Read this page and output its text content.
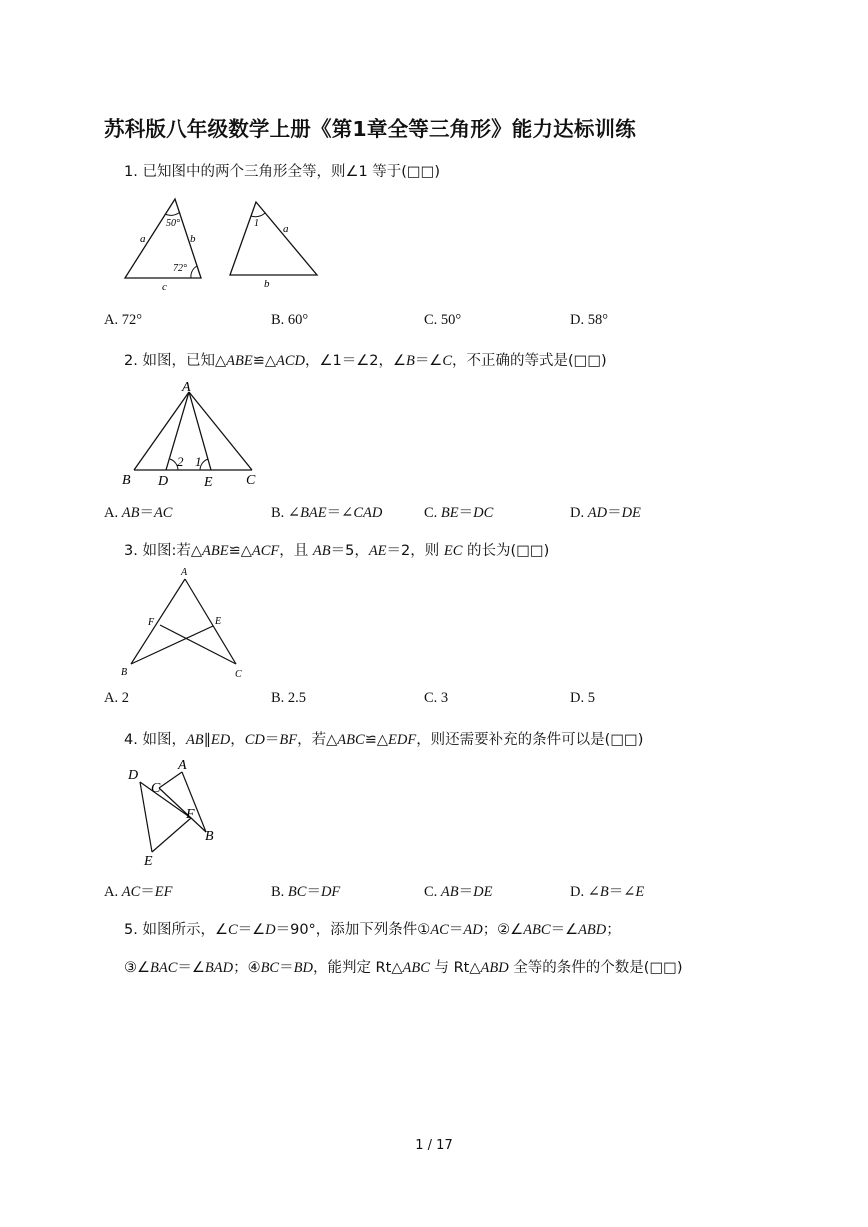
苏科版八年级数学上册《第1章全等三角形》能力达标训练
1. 已知图中的两个三角形全等，则∠1 等于(□□)
50°
72°
a	b
c
1 a
b
A. 72°	B. 60°	C. 50°	D. 58°
2. 如图，已知△ABE≌△ACD，∠1＝∠2，∠B＝∠C，不正确的等式是(□□)
A
B D	E C
2 1
A. AB＝AC	B. ∠BAE＝∠CAD	C. BE＝DC	D. AD＝DE
3. 如图:若△ABE≌△ACF，且 AB＝5，AE＝2，则 EC 的长为(□□)
A
F	E
B	C
A. 2	B. 2.5	C. 3	D. 5
4. 如图，AB∥ED，CD＝BF，若△ABC≌△EDF，则还需要补充的条件可以是(□□)
D
A
C
F
B
E
A. AC＝EF	B. BC＝DF	C. AB＝DE	D. ∠B＝∠E
5. 如图所示，∠C＝∠D＝90°，添加下列条件①AC＝AD；②∠ABC＝∠ABD；
③∠BAC＝∠BAD；④BC＝BD，能判定 Rt△ABC 与 Rt△ABD 全等的条件的个数是(□□)
1 / 17
